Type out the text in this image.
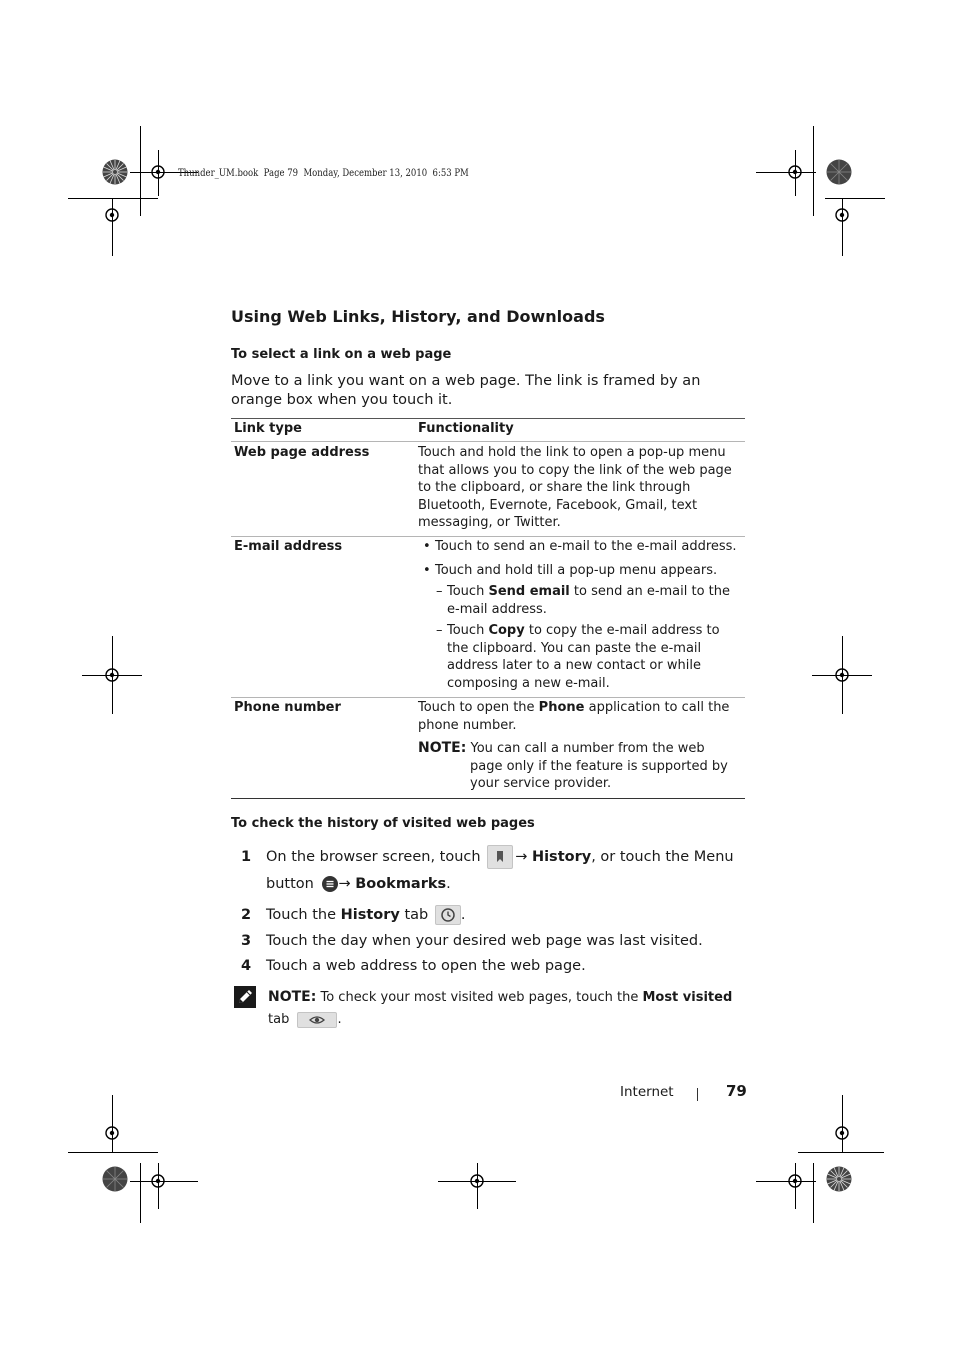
Thunder_UM.book  Page 79  Monday, December 13, 2010  6:53 PM
Using Web Links, History, and Downloads
To select a link on a web page
Move to a link you want on a web page. The link is framed by an
orange box when you touch it.
Link type	Functionality
Web page address	Touch and hold the link to open a pop-up menu
that allows you to copy the link of the web page
to the clipboard, or share the link through
Bluetooth, Evernote, Facebook, Gmail, text
messaging, or Twitter.
E-mail address	• Touch to send an e-mail to the e-mail address.
• Touch and hold till a pop-up menu appears.
– Touch Send email to send an e-mail to the
e-mail address.
– Touch Copy to copy the e-mail address to
the clipboard. You can paste the e-mail
address later to a new contact or while
composing a new e-mail.
Phone number	Touch to open the Phone application to call the
phone number.
NOTE: You can call a number from the web
page only if the feature is supported by
your service provider.
To check the history of visited web pages
1 On the browser screen, touch → History, or touch the Menu
button → Bookmarks.
2 Touch the History tab .
3 Touch the day when your desired web page was last visited.
4 Touch a web address to open the web page.
NOTE: To check your most visited web pages, touch the Most visited
tab	.
Internet	79
